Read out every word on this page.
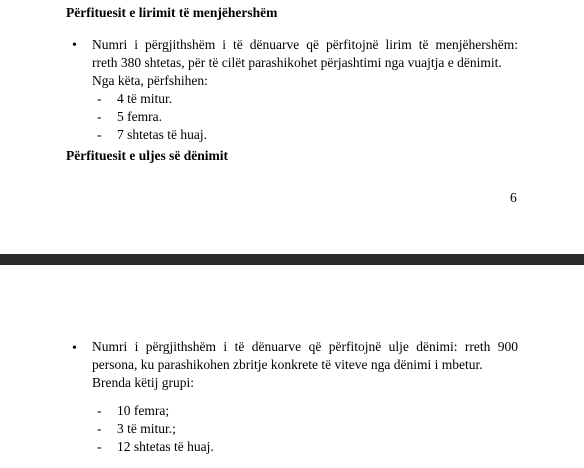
Përfituesit e lirimit të menjëhershëm
• Numri i përgjithshëm i të dënuarve që përfitojnë lirim të menjëhershëm:
rreth 380 shtetas, për të cilët parashikohet përjashtimi nga vuajtja e dënimit.
Nga këta, përfshihen:
- 4 të mitur.
- 5 femra.
- 7 shtetas të huaj.
Përfituesit e uljes së dënimit
6
• Numri i përgjithshëm i të dënuarve që përfitojnë ulje dënimi: rreth 900
persona, ku parashikohen zbritje konkrete të viteve nga dënimi i mbetur.
Brenda këtij grupi:
- 10 femra;
- 3 të mitur.;
- 12 shtetas të huaj.
